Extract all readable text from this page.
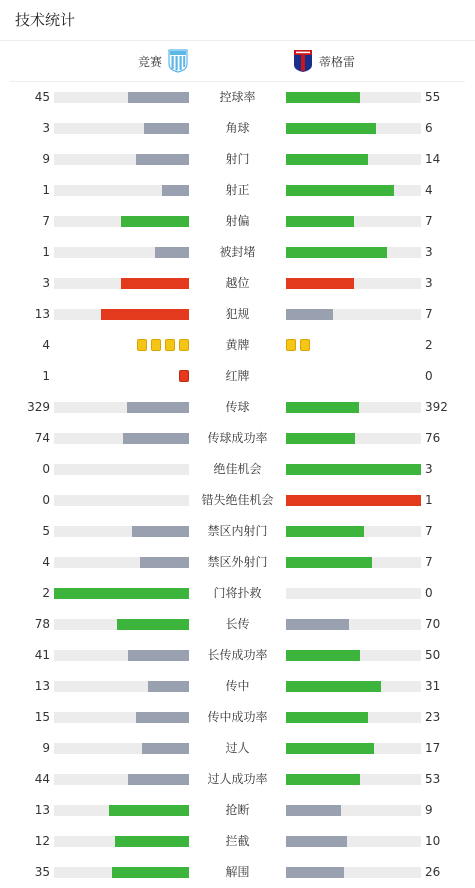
技术统计
竞赛	蒂格雷
45	控球率	55
3	角球	6
9	射门	14
1	射正	4
7	射偏	7
1	被封堵	3
3	越位	3
13	犯规	7
4	黄牌	2
1	红牌	0
329	传球	392
74	传球成功率	76
0	绝佳机会	3
0	错失绝佳机会	1
5	禁区内射门	7
4	禁区外射门	7
2	门将扑救	0
78	长传	70
41	长传成功率	50
13	传中	31
15	传中成功率	23
9	过人	17
44	过人成功率	53
13	抢断	9
12	拦截	10
35	解围	26
